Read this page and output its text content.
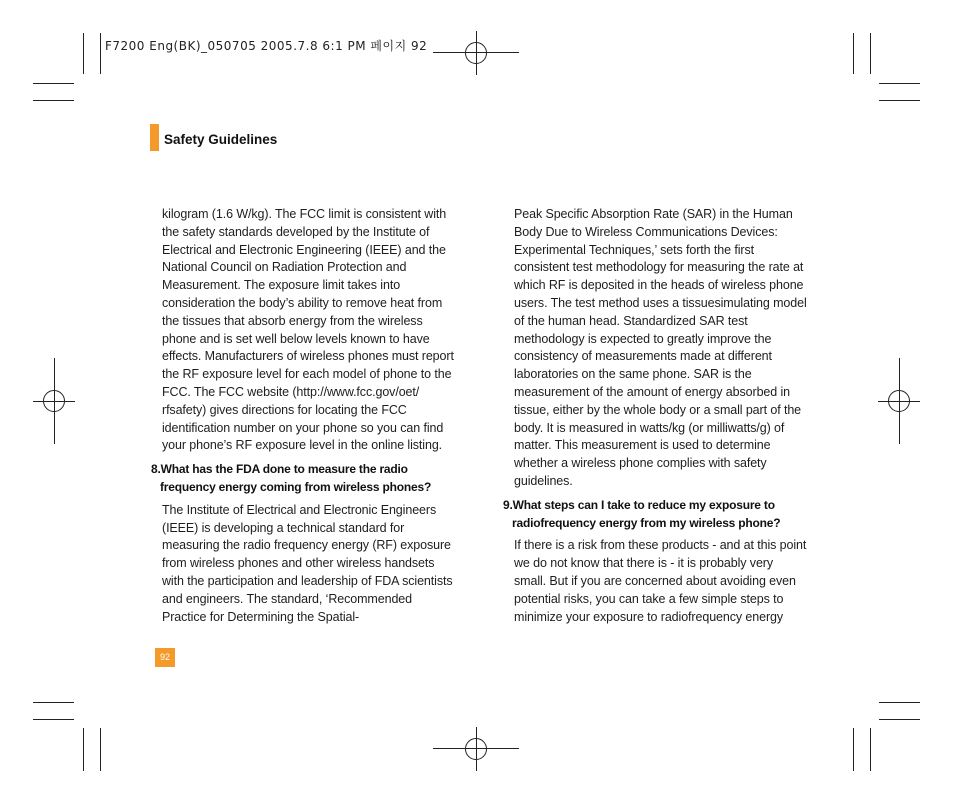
F7200 Eng(BK)_050705 2005.7.8 6:1 PM 페이지 92
Safety Guidelines

kilogram (1.6 W/kg). The FCC limit is consistent with the safety standards developed by the Institute of Electrical and Electronic Engineering (IEEE) and the National Council on Radiation Protection and Measurement. The exposure limit takes into consideration the body’s ability to remove heat from the tissues that absorb energy from the wireless phone and is set well below levels known to have effects. Manufacturers of wireless phones must report the RF exposure level for each model of phone to the FCC. The FCC website (http://www.fcc.gov/oet/ rfsafety) gives directions for locating the FCC identification number on your phone so you can find your phone’s RF exposure level in the online listing.

8.What has the FDA done to measure the radio
frequency energy coming from wireless phones?

The Institute of Electrical and Electronic Engineers (IEEE) is developing a technical standard for measuring the radio frequency energy (RF) exposure from wireless phones and other wireless handsets with the participation and leadership of FDA scientists and engineers. The standard, ‘Recommended Practice for Determining the Spatial-

Peak Specific Absorption Rate (SAR) in the Human Body Due to Wireless Communications Devices: Experimental Techniques,’ sets forth the first consistent test methodology for measuring the rate at which RF is deposited in the heads of wireless phone users. The test method uses a tissuesimulating model of the human head. Standardized SAR test methodology is expected to greatly improve the consistency of measurements made at different laboratories on the same phone. SAR is the measurement of the amount of energy absorbed in tissue, either by the whole body or a small part of the body. It is measured in watts/kg (or milliwatts/g) of matter. This measurement is used to determine whether a wireless phone complies with safety guidelines.

9.What steps can I take to reduce my exposure to
radiofrequency energy from my wireless phone?

If there is a risk from these products - and at this point we do not know that there is - it is probably very small. But if you are concerned about avoiding even potential risks, you can take a few simple steps to minimize your exposure to radiofrequency energy

92
